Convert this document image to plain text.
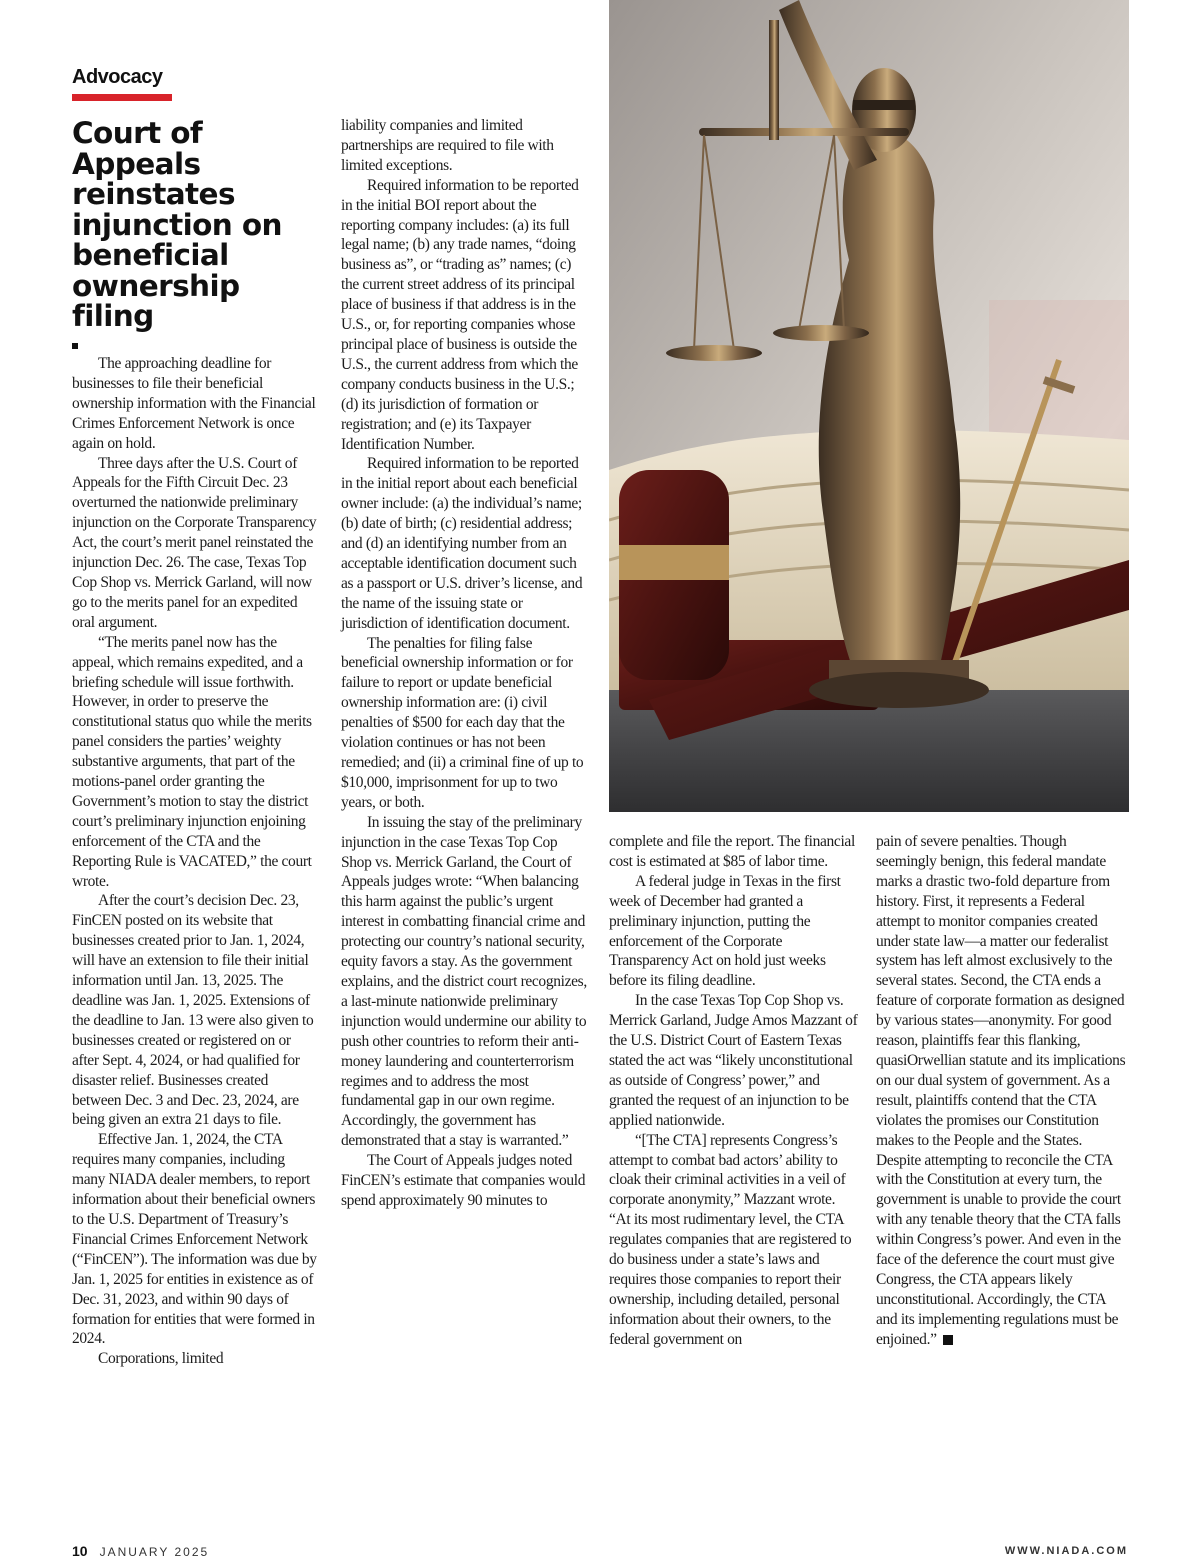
Advocacy
Court of Appeals reinstates injunction on beneficial ownership filing

The approaching deadline for businesses to file their beneficial ownership information with the Financial Crimes Enforcement Network is once again on hold.

Three days after the U.S. Court of Appeals for the Fifth Circuit Dec. 23 overturned the nationwide preliminary injunction on the Corporate Transparency Act, the court’s merit panel reinstated the injunction Dec. 26. The case, Texas Top Cop Shop vs. Merrick Garland, will now go to the merits panel for an expedited oral argument.

“The merits panel now has the appeal, which remains expedited, and a briefing schedule will issue forthwith. However, in order to preserve the constitutional status quo while the merits panel considers the parties’ weighty substantive arguments, that part of the motions-panel order granting the Government’s motion to stay the district court’s preliminary injunction enjoining enforcement of the CTA and the Reporting Rule is VACATED,” the court wrote.

After the court’s decision Dec. 23, FinCEN posted on its website that businesses created prior to Jan. 1, 2024, will have an extension to file their initial information until Jan. 13, 2025. The deadline was Jan. 1, 2025. Extensions of the deadline to Jan. 13 were also given to businesses created or registered on or after Sept. 4, 2024, or had qualified for disaster relief. Businesses created between Dec. 3 and Dec. 23, 2024, are being given an extra 21 days to file.

Effective Jan. 1, 2024, the CTA requires many companies, including many NIADA dealer members, to report information about their beneficial owners to the U.S. Department of Treasury’s Financial Crimes Enforcement Network (“FinCEN”). The information was due by Jan. 1, 2025 for entities in existence as of Dec. 31, 2023, and within 90 days of formation for entities that were formed in 2024.

Corporations, limited

liability companies and limited partnerships are required to file with limited exceptions.

Required information to be reported in the initial BOI report about the reporting company includes: (a) its full legal name; (b) any trade names, “doing business as”, or “trading as” names; (c) the current street address of its principal place of business if that address is in the U.S., or, for reporting companies whose principal place of business is outside the U.S., the current address from which the company conducts business in the U.S.; (d) its jurisdiction of formation or registration; and (e) its Taxpayer Identification Number.

Required information to be reported in the initial report about each beneficial owner include: (a) the individual’s name; (b) date of birth; (c) residential address; and (d) an identifying number from an acceptable identification document such as a passport or U.S. driver’s license, and the name of the issuing state or jurisdiction of identification document.

The penalties for filing false beneficial ownership information or for failure to report or update beneficial ownership information are: (i) civil penalties of $500 for each day that the violation continues or has not been remedied; and (ii) a criminal fine of up to $10,000, imprisonment for up to two years, or both.

In issuing the stay of the preliminary injunction in the case Texas Top Cop Shop vs. Merrick Garland, the Court of Appeals judges wrote: “When balancing this harm against the public’s urgent interest in combatting financial crime and protecting our country’s national security, equity favors a stay. As the government explains, and the district court recognizes, a last-minute nationwide preliminary injunction would undermine our ability to push other countries to reform their anti-money laundering and counterterrorism regimes and to address the most fundamental gap in our own regime. Accordingly, the government has demonstrated that a stay is warranted.”

The Court of Appeals judges noted FinCEN’s estimate that companies would spend approximately 90 minutes to

complete and file the report. The financial cost is estimated at $85 of labor time.

A federal judge in Texas in the first week of December had granted a preliminary injunction, putting the enforcement of the Corporate Transparency Act on hold just weeks before its filing deadline.

In the case Texas Top Cop Shop vs. Merrick Garland, Judge Amos Mazzant of the U.S. District Court of Eastern Texas stated the act was “likely unconstitutional as outside of Congress’ power,” and granted the request of an injunction to be applied nationwide.

“[The CTA] represents Congress’s attempt to combat bad actors’ ability to cloak their criminal activities in a veil of corporate anonymity,” Mazzant wrote. “At its most rudimentary level, the CTA regulates companies that are registered to do business under a state’s laws and requires those companies to report their ownership, including detailed, personal information about their owners, to the federal government on

pain of severe penalties. Though seemingly benign, this federal mandate marks a drastic two-fold departure from history. First, it represents a Federal attempt to monitor companies created under state law—a matter our federalist system has left almost exclusively to the several states. Second, the CTA ends a feature of corporate formation as designed by various states—anonymity. For good reason, plaintiffs fear this flanking, quasiOrwellian statute and its implications on our dual system of government. As a result, plaintiffs contend that the CTA violates the promises our Constitution makes to the People and the States. Despite attempting to reconcile the CTA with the Constitution at every turn, the government is unable to provide the court with any tenable theory that the CTA falls within Congress’s power. And even in the face of the deference the court must give Congress, the CTA appears likely unconstitutional. Accordingly, the CTA and its implementing regulations must be enjoined.”

10 JANUARY 2025	WWW.NIADA.COM
